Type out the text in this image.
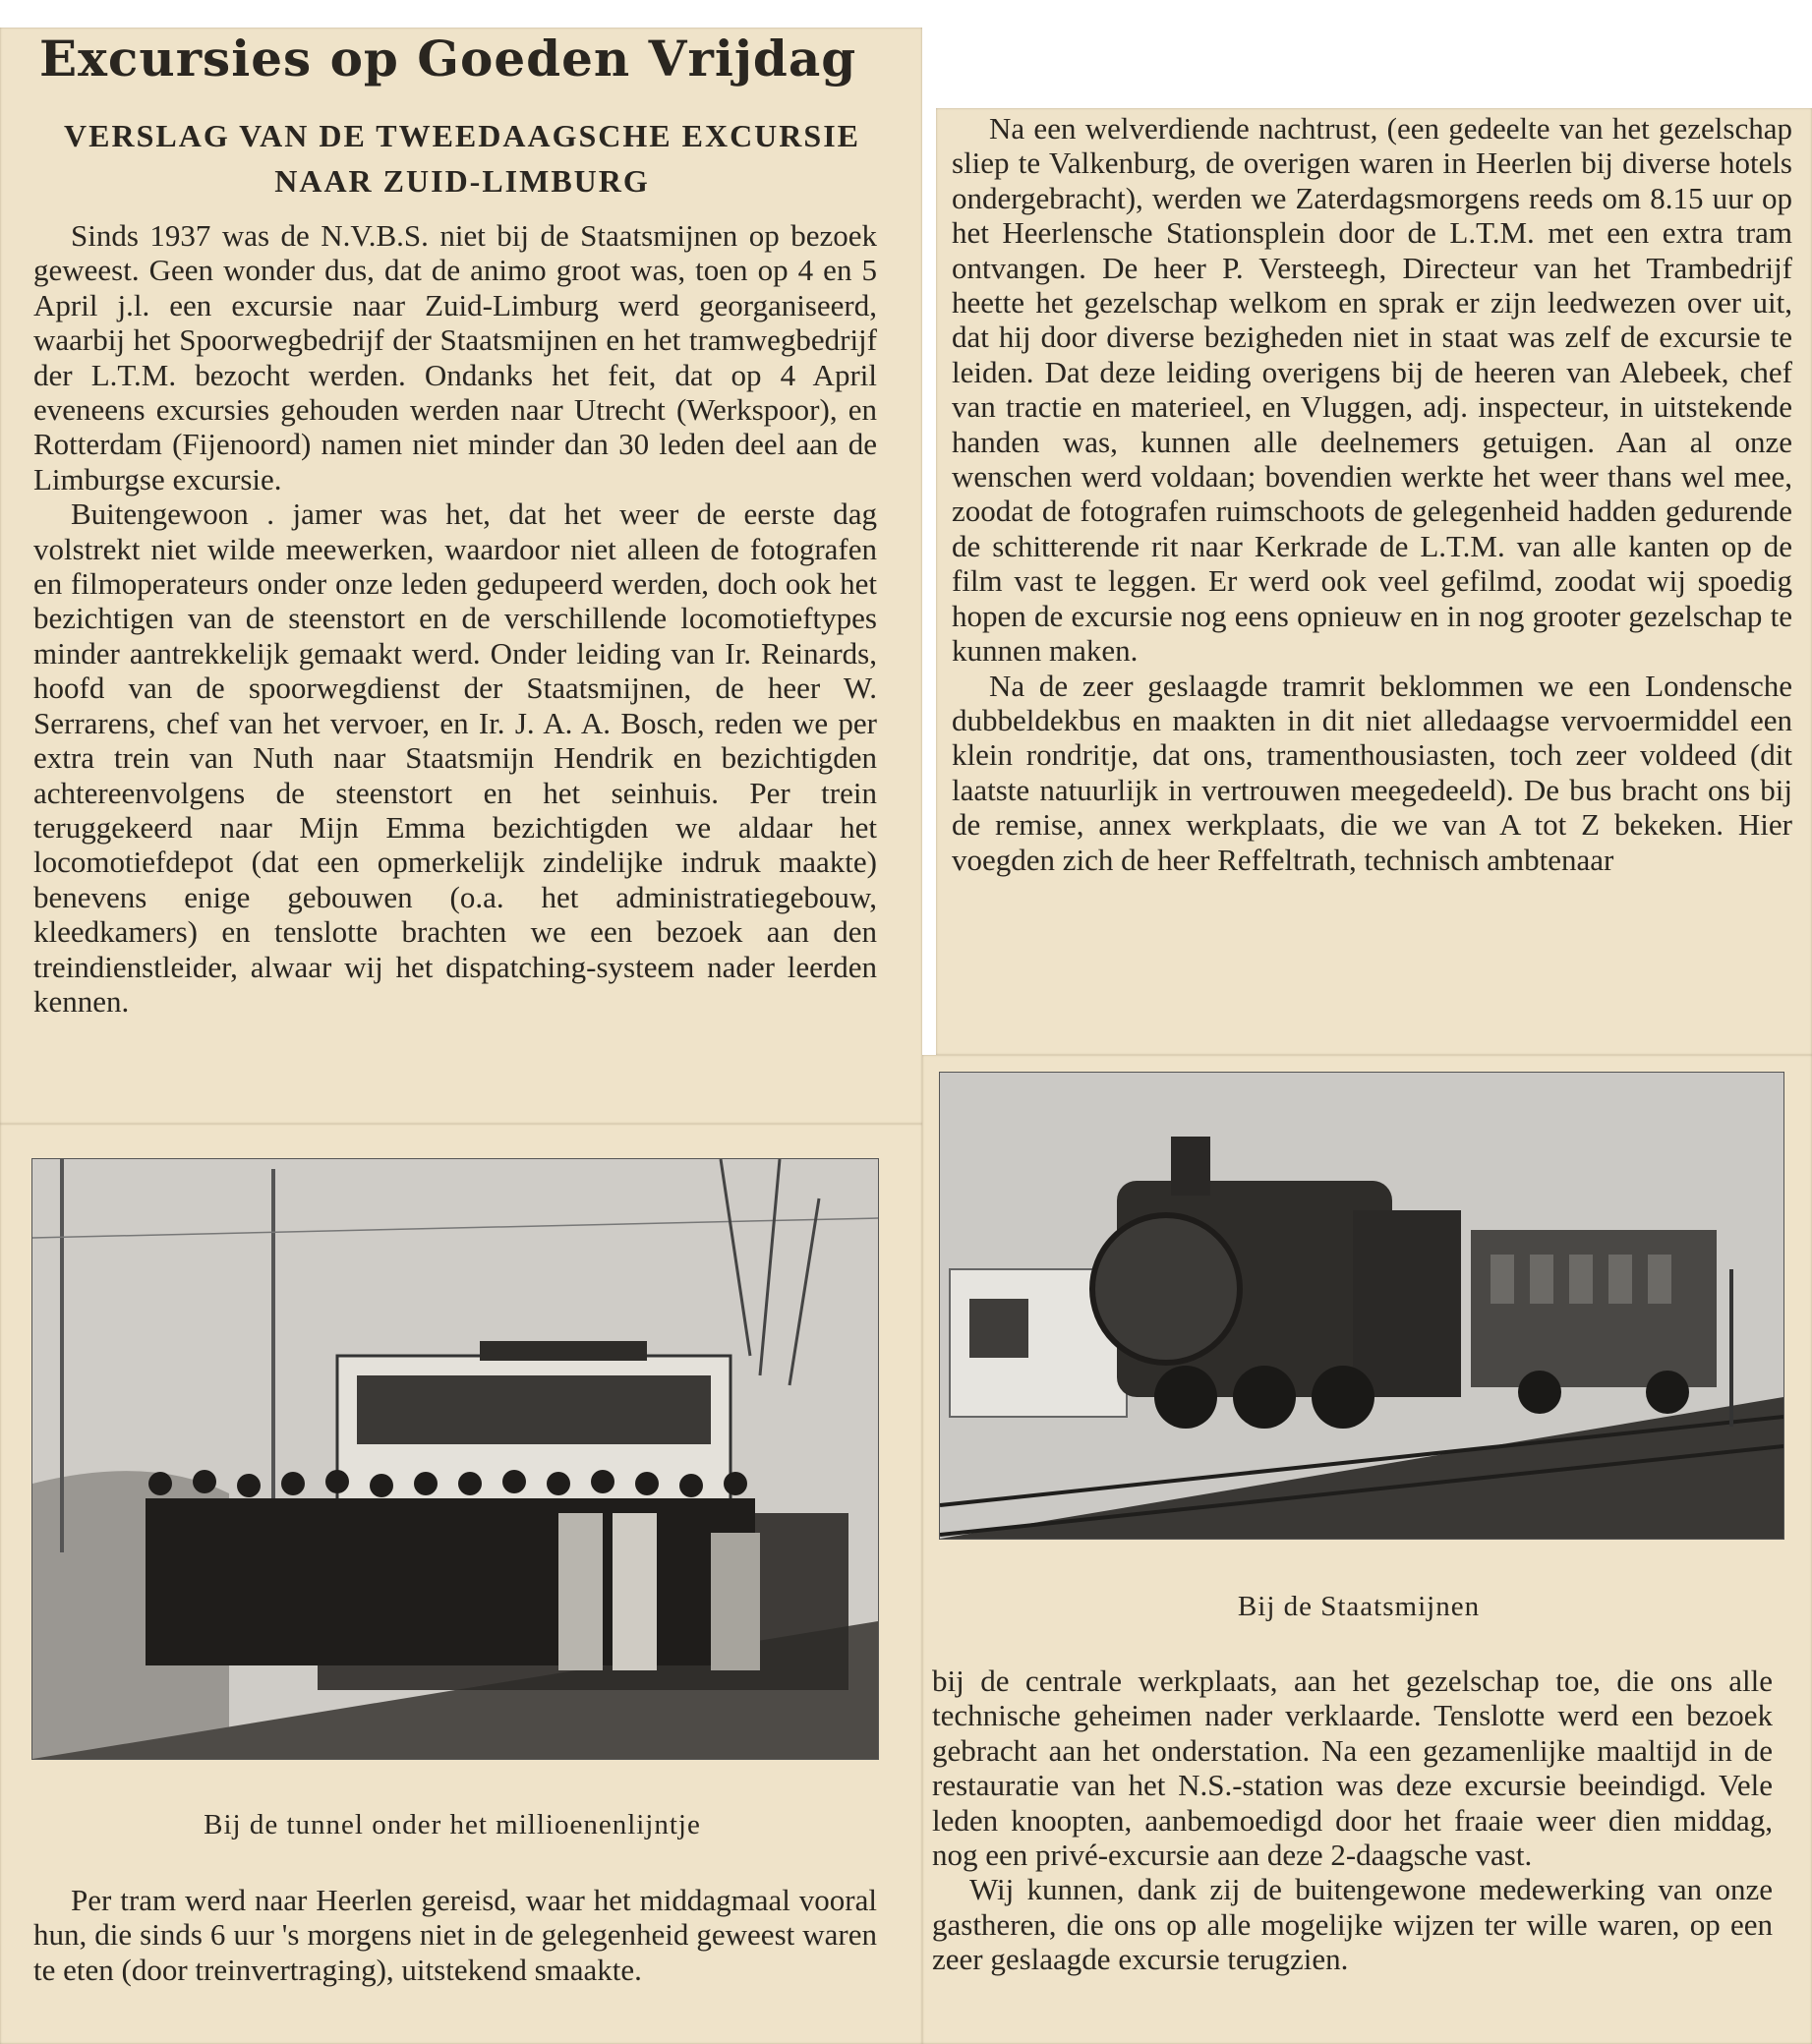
Excursies op Goeden Vrijdag
VERSLAG VAN DE TWEEDAAGSCHE EXCURSIE NAAR ZUID-LIMBURG

Sinds 1937 was de N.V.B.S. niet bij de Staatsmijnen op bezoek geweest. Geen wonder dus, dat de animo groot was, toen op 4 en 5 April j.l. een excursie naar Zuid-Limburg werd georganiseerd, waarbij het Spoorwegbedrijf der Staatsmijnen en het tramwegbedrijf der L.T.M. bezocht werden. Ondanks het feit, dat op 4 April eveneens excursies gehouden werden naar Utrecht (Werkspoor), en Rotterdam (Fijenoord) namen niet minder dan 30 leden deel aan de Limburgse excursie.

Buitengewoon . jamer was het, dat het weer de eerste dag volstrekt niet wilde meewerken, waardoor niet alleen de fotografen en filmoperateurs onder onze leden gedupeerd werden, doch ook het bezichtigen van de steenstort en de verschillende locomotieftypes minder aantrekkelijk gemaakt werd. Onder leiding van Ir. Reinards, hoofd van de spoorwegdienst der Staatsmijnen, de heer W. Serrarens, chef van het vervoer, en Ir. J. A. A. Bosch, reden we per extra trein van Nuth naar Staatsmijn Hendrik en bezichtigden achtereenvolgens de steenstort en het seinhuis. Per trein teruggekeerd naar Mijn Emma bezichtigden we aldaar het locomotiefdepot (dat een opmerkelijk zindelijke indruk maakte) benevens enige gebouwen (o.a. het administratiegebouw, kleedkamers) en tenslotte brachten we een bezoek aan den treindienstleider, alwaar wij het dispatching-systeem nader leerden kennen.

Na een welverdiende nachtrust, (een gedeelte van het gezelschap sliep te Valkenburg, de overigen waren in Heerlen bij diverse hotels ondergebracht), werden we Zaterdagsmorgens reeds om 8.15 uur op het Heerlensche Stationsplein door de L.T.M. met een extra tram ontvangen. De heer P. Versteegh, Directeur van het Trambedrijf heette het gezelschap welkom en sprak er zijn leedwezen over uit, dat hij door diverse bezigheden niet in staat was zelf de excursie te leiden. Dat deze leiding overigens bij de heeren van Alebeek, chef van tractie en materieel, en Vluggen, adj. inspecteur, in uitstekende handen was, kunnen alle deelnemers getuigen. Aan al onze wenschen werd voldaan; bovendien werkte het weer thans wel mee, zoodat de fotografen ruimschoots de gelegenheid hadden gedurende de schitterende rit naar Kerkrade de L.T.M. van alle kanten op de film vast te leggen. Er werd ook veel gefilmd, zoodat wij spoedig hopen de excursie nog eens opnieuw en in nog grooter gezelschap te kunnen maken.

Na de zeer geslaagde tramrit beklommen we een Londensche dubbeldekbus en maakten in dit niet alledaagse vervoermiddel een klein rondritje, dat ons, tramenthousiasten, toch zeer voldeed (dit laatste natuurlijk in vertrouwen meegedeeld). De bus bracht ons bij de remise, annex werkplaats, die we van A tot Z bekeken. Hier voegden zich de heer Reffeltrath, technisch ambtenaar

Bij de tunnel onder het millioenenlijntje

Per tram werd naar Heerlen gereisd, waar het middagmaal vooral hun, die sinds 6 uur 's morgens niet in de gelegenheid geweest waren te eten (door treinvertraging), uitstekend smaakte.

Bij de Staatsmijnen

bij de centrale werkplaats, aan het gezelschap toe, die ons alle technische geheimen nader verklaarde. Tenslotte werd een bezoek gebracht aan het onderstation. Na een gezamenlijke maaltijd in de restauratie van het N.S.-station was deze excursie beeindigd. Vele leden knoopten, aanbemoedigd door het fraaie weer dien middag, nog een privé-excursie aan deze 2-daagsche vast.

Wij kunnen, dank zij de buitengewone medewerking van onze gastheren, die ons op alle mogelijke wijzen ter wille waren, op een zeer geslaagde excursie terugzien.
